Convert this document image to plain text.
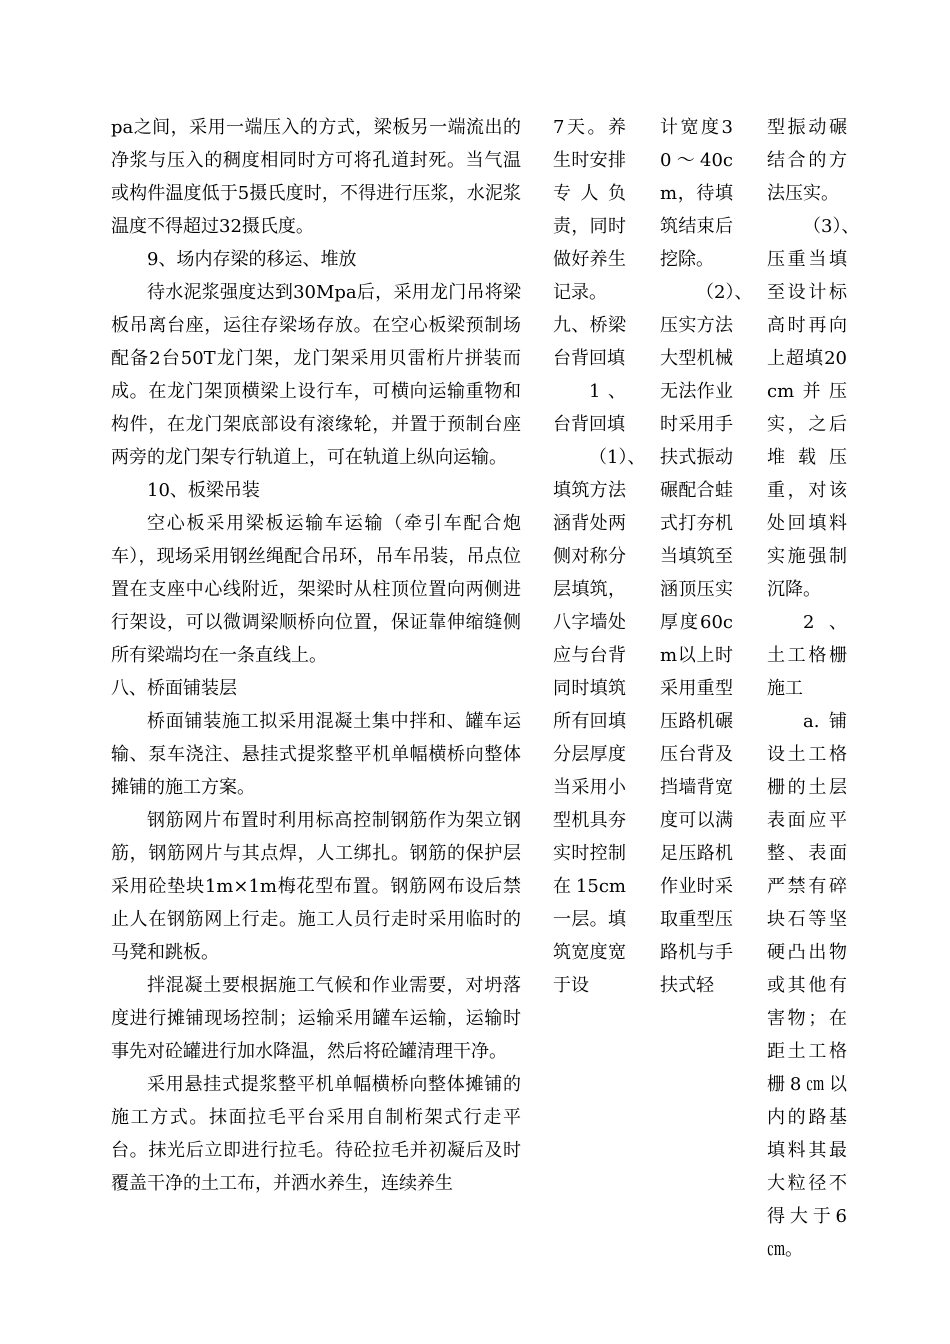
pa之间，采用一端压入的方式，梁板另一端流出的净浆与压入的稠度相同时方可将孔道封死。当气温或构件温度低于5摄氏度时，不得进行压浆，水泥浆温度不得超过32摄氏度。

9、场内存梁的移运、堆放

待水泥浆强度达到30Mpa后，采用龙门吊将梁板吊离台座，运往存梁场存放。在空心板梁预制场配备2台50T龙门架，龙门架采用贝雷桁片拼装而成。在龙门架顶横梁上设行车，可横向运输重物和构件，在龙门架底部设有滚缘轮，并置于预制台座两旁的龙门架专行轨道上，可在轨道上纵向运输。

10、板梁吊装

空心板采用梁板运输车运输（牵引车配合炮车），现场采用钢丝绳配合吊环，吊车吊装，吊点位置在支座中心线附近，架梁时从柱顶位置向两侧进行架设，可以微调梁顺桥向位置，保证靠伸缩缝侧所有梁端均在一条直线上。

八、桥面铺装层

桥面铺装施工拟采用混凝土集中拌和、罐车运输、泵车浇注、悬挂式提浆整平机单幅横桥向整体摊铺的施工方案。

钢筋网片布置时利用标高控制钢筋作为架立钢筋，钢筋网片与其点焊，人工绑扎。钢筋的保护层采用砼垫块1m×1m梅花型布置。钢筋网布设后禁止人在钢筋网上行走。施工人员行走时采用临时的马凳和跳板。

拌混凝土要根据施工气候和作业需要，对坍落度进行摊铺现场控制；运输采用罐车运输，运输时事先对砼罐进行加水降温，然后将砼罐清理干净。

采用悬挂式提浆整平机单幅横桥向整体摊铺的施工方式。抹面拉毛平台采用自制桁架式行走平台。抹光后立即进行拉毛。待砼拉毛并初凝后及时覆盖干净的土工布，并洒水养生，连续养生

7天。养生时安排专人负责，同时做好养生记录。

九、桥梁台背回填

1、台背回填

（1）、填筑方法涵背处两侧对称分层填筑，八字墙处应与台背同时填筑所有回填分层厚度当采用小型机具夯实时控制在15cm一层。填筑宽度宽于设

计宽度30～40cm，待填筑结束后挖除。

（2）、压实方法大型机械无法作业时采用手扶式振动碾配合蛙式打夯机当填筑至涵顶压实厚度60cm以上时采用重型压路机碾压台背及挡墙背宽度可以满足压路机作业时采取重型压路机与手扶式轻

型振动碾结合的方法压实。

（3）、压重当填至设计标高时再向上超填20cm并压实，之后堆载压重，对该处回填料实施强制沉降。

2、土工格栅施工

a.铺设土工格栅的土层表面应平整、表面严禁有碎块石等坚硬凸出物或其他有害物；在距土工格栅8㎝以内的路基填料其最大粒径不得大于6㎝。
